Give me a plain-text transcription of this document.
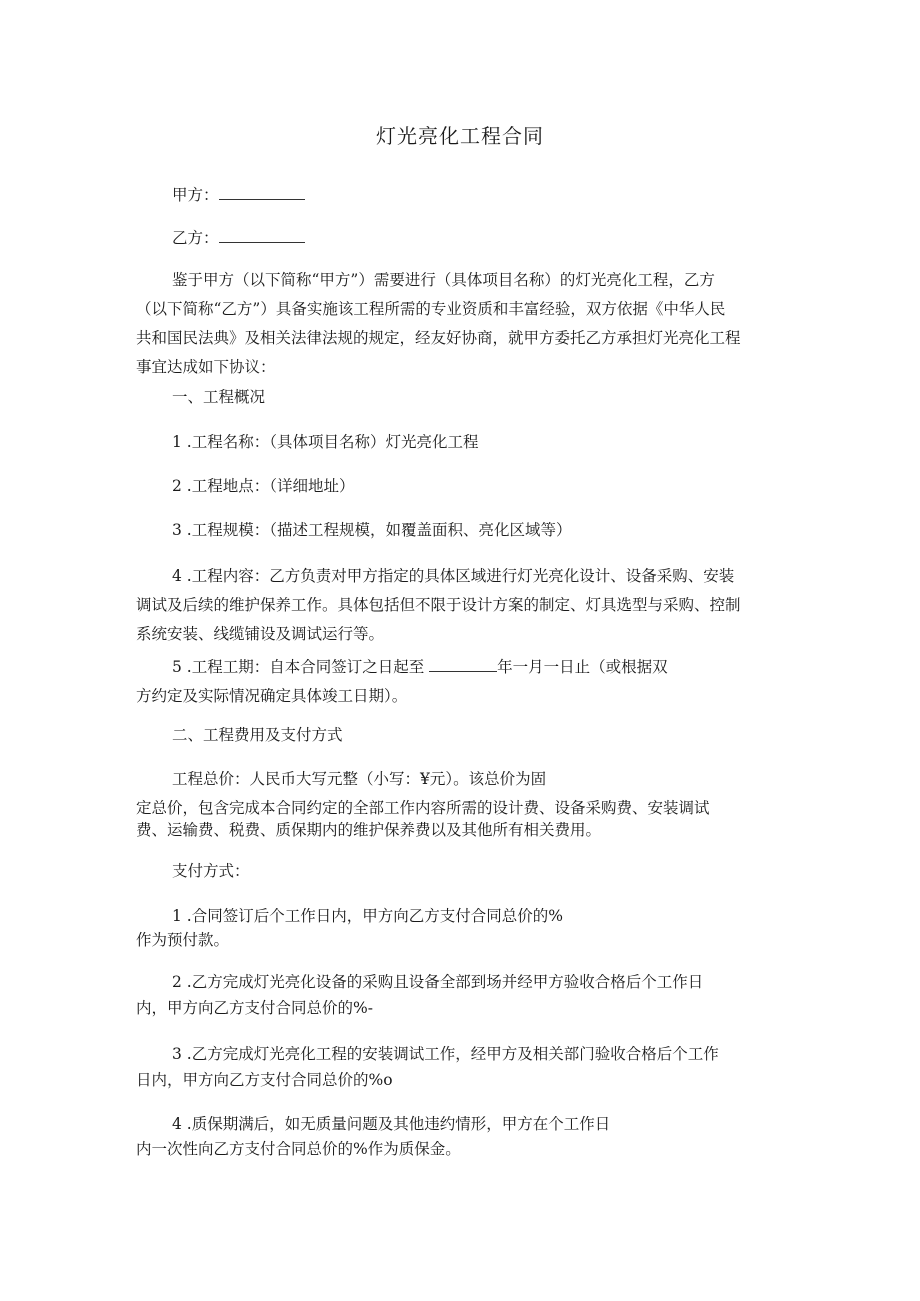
灯光亮化工程合同
甲方：
乙方：
鉴于甲方（以下简称“甲方”）需要进行（具体项目名称）的灯光亮化工程，乙方
（以下简称“乙方”）具备实施该工程所需的专业资质和丰富经验，双方依据《中华人民
共和国民法典》及相关法律法规的规定，经友好协商，就甲方委托乙方承担灯光亮化工程
事宜达成如下协议：
一、工程概况
1 .工程名称：（具体项目名称）灯光亮化工程
2 .工程地点：（详细地址）
3 .工程规模：（描述工程规模，如覆盖面积、亮化区域等）
4 .工程内容：乙方负责对甲方指定的具体区域进行灯光亮化设计、设备采购、安装
调试及后续的维护保养工作。具体包括但不限于设计方案的制定、灯具选型与采购、控制
系统安装、线缆铺设及调试运行等。
5 .工程工期：自本合同签订之日起至	年一月一日止（或根据双
方约定及实际情况确定具体竣工日期）。
二、工程费用及支付方式
工程总价：人民币大写元整（小写：¥元）。该总价为固
定总价，包含完成本合同约定的全部工作内容所需的设计费、设备采购费、安装调试
费、运输费、税费、质保期内的维护保养费以及其他所有相关费用。
支付方式：
1 .合同签订后个工作日内，甲方向乙方支付合同总价的%
作为预付款。
2 .乙方完成灯光亮化设备的采购且设备全部到场并经甲方验收合格后个工作日
内，甲方向乙方支付合同总价的%-
3 .乙方完成灯光亮化工程的安装调试工作，经甲方及相关部门验收合格后个工作
日内，甲方向乙方支付合同总价的%o
4 .质保期满后，如无质量问题及其他违约情形，甲方在个工作日
内一次性向乙方支付合同总价的%作为质保金。
